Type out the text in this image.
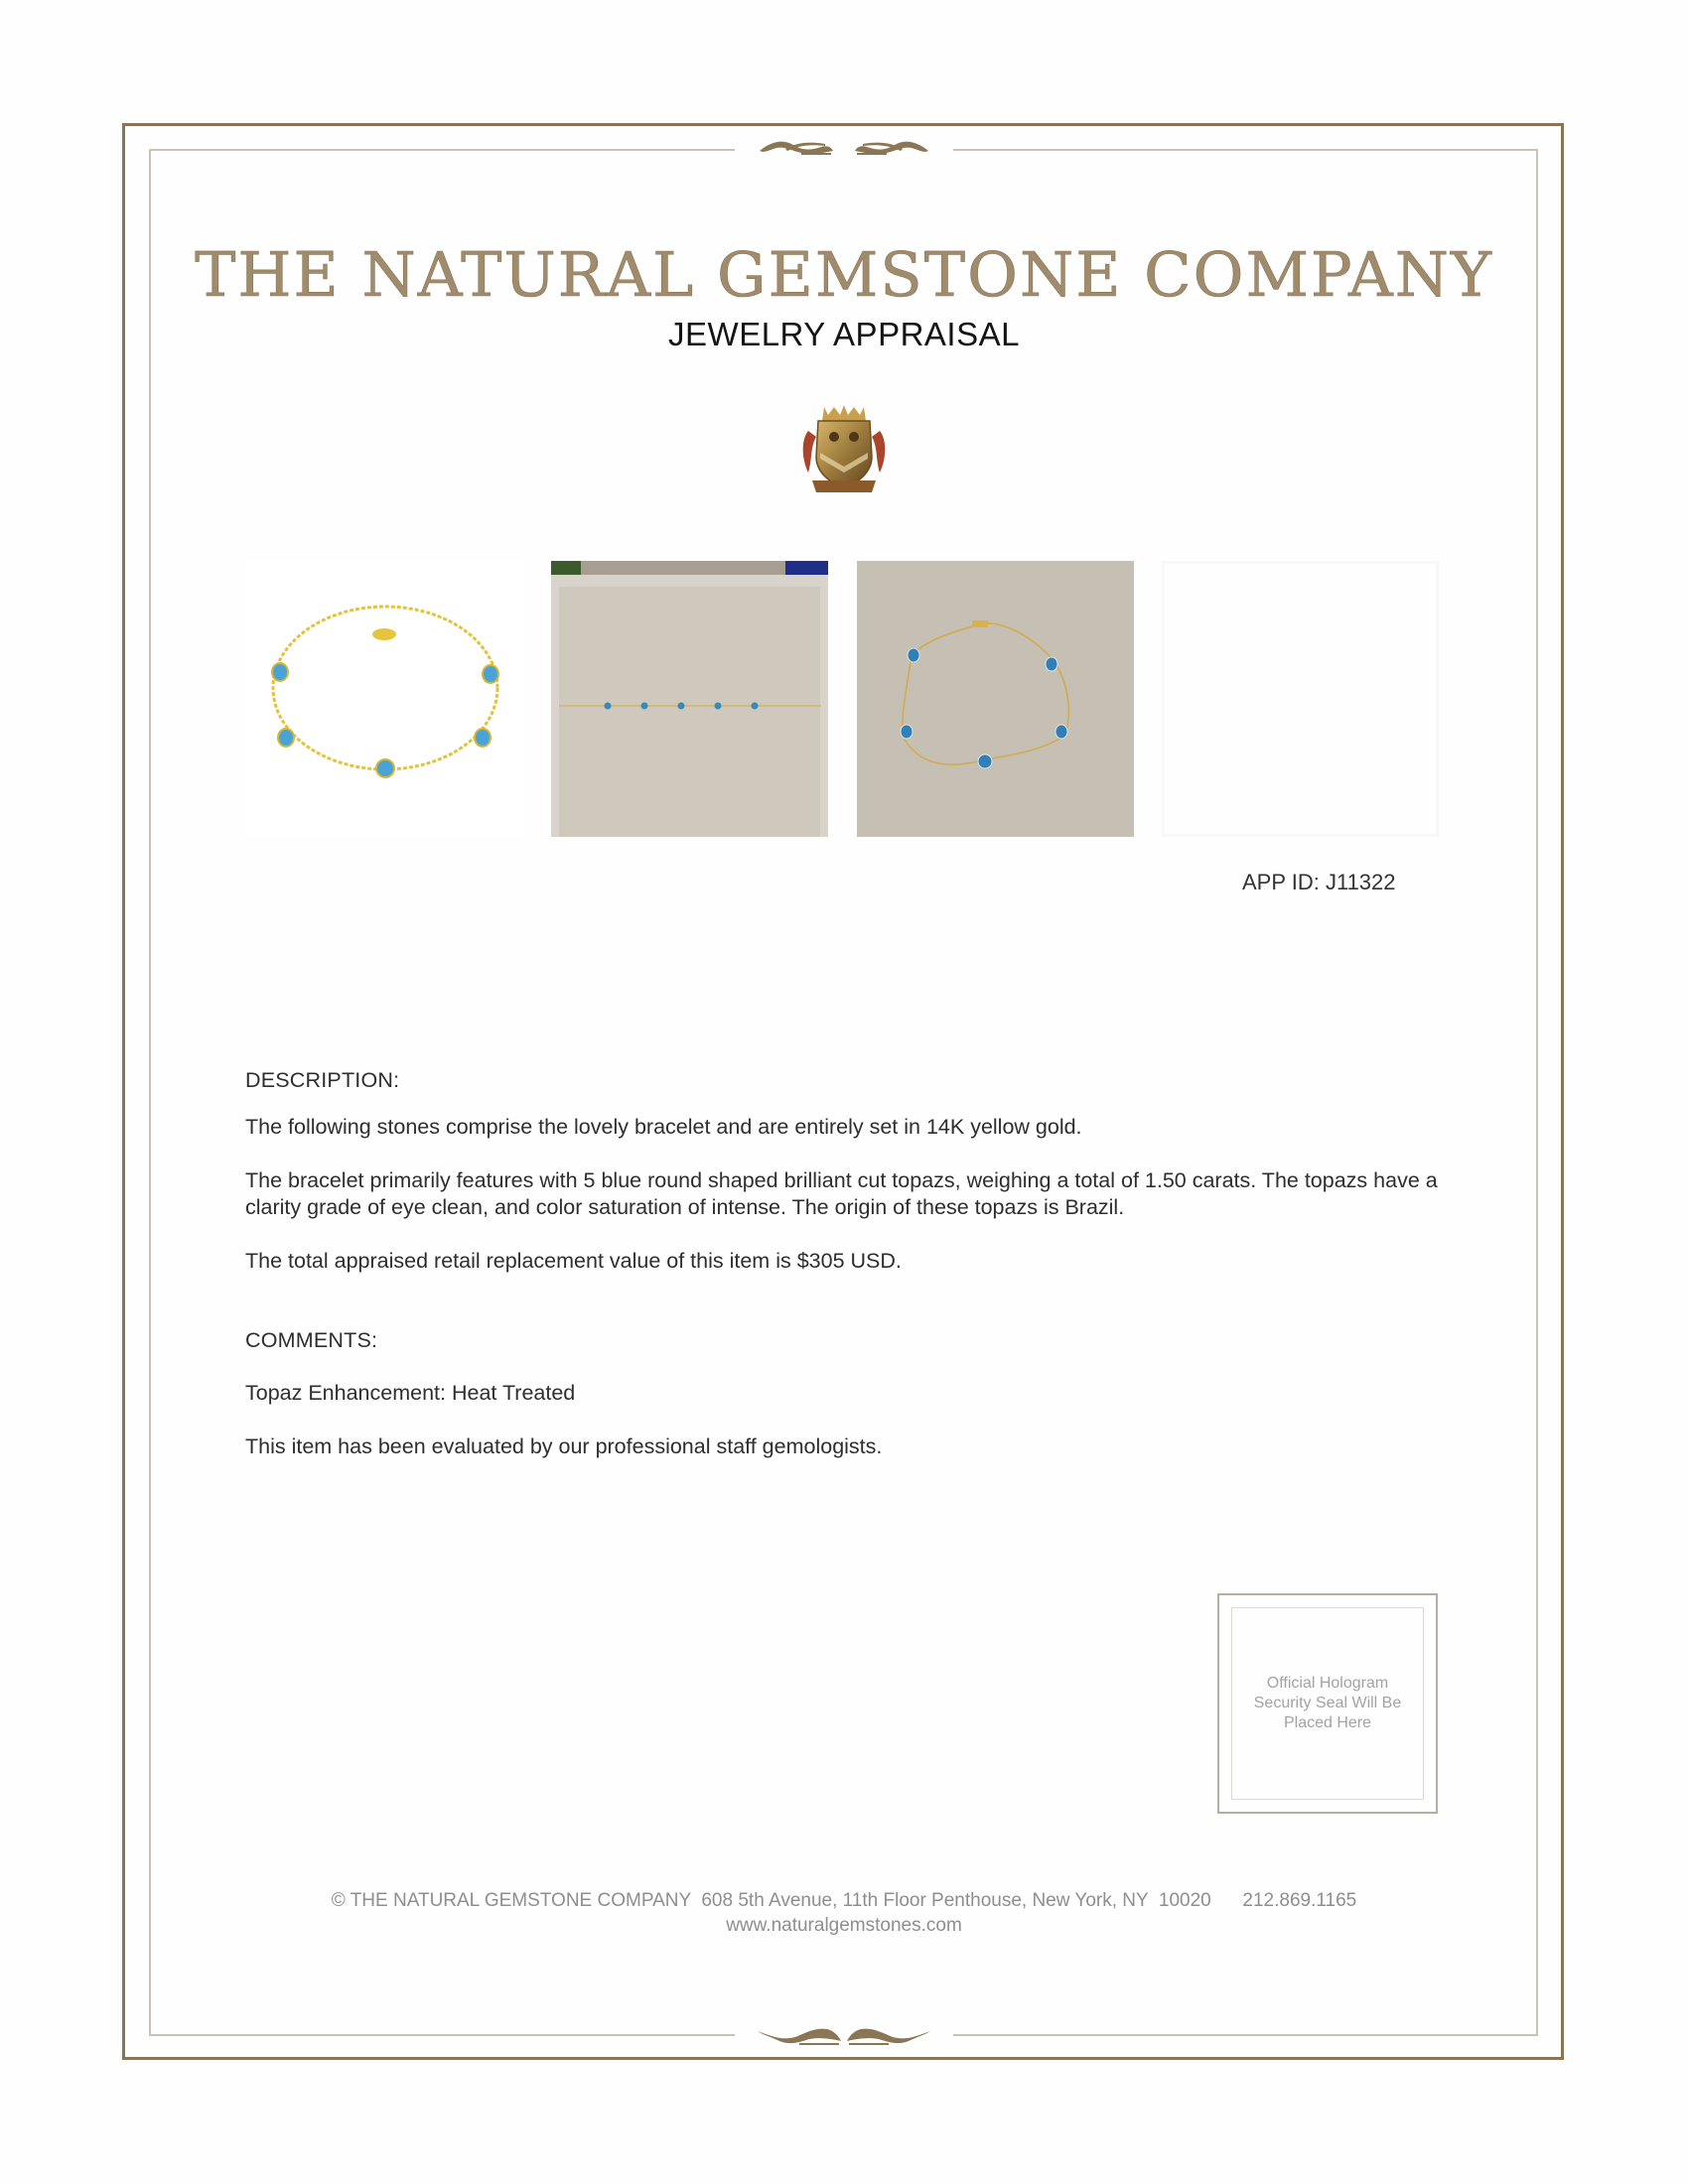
THE NATURAL GEMSTONE COMPANY
JEWELRY APPRAISAL
APP ID: J11322
DESCRIPTION:
The following stones comprise the lovely bracelet and are entirely set in 14K yellow gold.
The bracelet primarily features with 5 blue round shaped brilliant cut topazs, weighing a total of 1.50 carats. The topazs have a clarity grade of eye clean, and color saturation of intense. The origin of these topazs is Brazil.
The total appraised retail replacement value of this item is $305 USD.
COMMENTS:
Topaz Enhancement: Heat Treated
This item has been evaluated by our professional staff gemologists.
Official Hologram Security Seal Will Be Placed Here
© THE NATURAL GEMSTONE COMPANY  608 5th Avenue, 11th Floor Penthouse, New York, NY  10020      212.869.1165
www.naturalgemstones.com
